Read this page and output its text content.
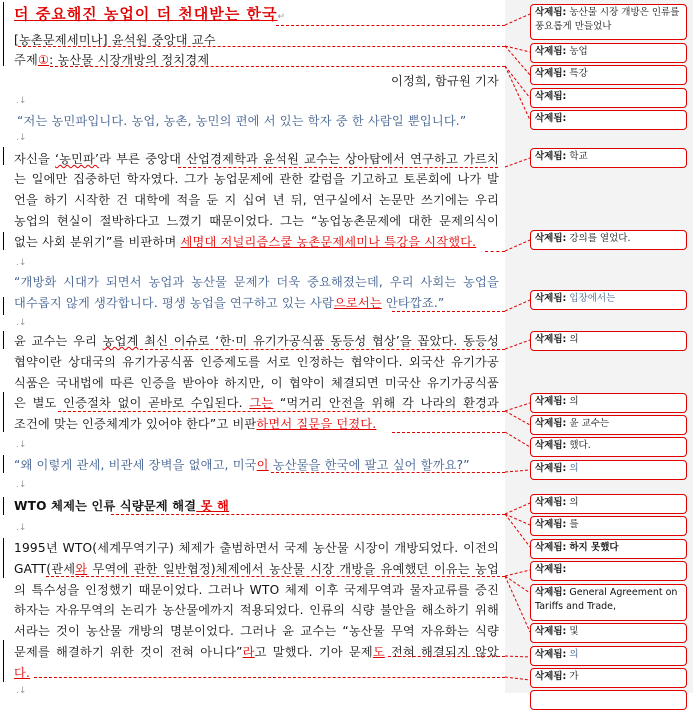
더 중요해진 농업이 더 천대받는 한국↵
[농촌문제세미나] 윤석원 중앙대 교수
주제①: 농산물 시장개방의 정치경제
이정희, 함규원 기자
.↓
“저는 농민파입니다. 농업, 농촌, 농민의 편에 서 있는 학자 중 한 사람일 뿐입니다.”
.↓
자신을 ‘농민파’라 부른 중앙대 산업경제학과 윤석원 교수는 상아탑에서 연구하고 가르치
는 일에만 집중하던 학자였다. 그가 농업문제에 관한 칼럼을 기고하고 토론회에 나가 발
언을 하기 시작한 건 대학에 적을 둔 지 십여 년 뒤, 연구실에서 논문만 쓰기에는 우리
농업의 현실이 절박하다고 느꼈기 때문이었다. 그는 “농업농촌문제에 대한 문제의식이
없는 사회 분위기”를 비판하며 세명대 저널리즘스쿨 농촌문제세미나 특강을 시작했다.
.↓
“개방화 시대가 되면서 농업과 농산물 문제가 더욱 중요해졌는데, 우리 사회는 농업을
대수롭지 않게 생각합니다. 평생 농업을 연구하고 있는 사람으로서는 안타깝죠.”
.↓
윤 교수는 우리 농업계 최신 이슈로 ‘한·미 유기가공식품 동등성 협상’을 꼽았다. 동등성
협약이란 상대국의 유기가공식품 인증제도를 서로 인정하는 협약이다. 외국산 유기가공
식품은 국내법에 따른 인증을 받아야 하지만, 이 협약이 체결되면 미국산 유기가공식품
은 별도 인증절차 없이 곧바로 수입된다. 그는 “먹거리 안전을 위해 각 나라의 환경과
조건에 맞는 인증체계가 있어야 한다”고 비판하면서 질문을 던졌다.
.↓
“왜 이렇게 관세, 비관세 장벽을 없애고, 미국이 농산물을 한국에 팔고 싶어 할까요?”
.↓
WTO 체제는 인류 식량문제 해결 못 해
.↓
1995년 WTO(세계무역기구) 체제가 출범하면서 국제 농산물 시장이 개방되었다. 이전의
GATT(관세와 무역에 관한 일반협정)체제에서 농산물 시장 개방을 유예했던 이유는 농업
의 특수성을 인정했기 때문이었다. 그러나 WTO 체제 이후 국제무역과 물자교류를 증진
하자는 자유무역의 논리가 농산물에까지 적용되었다. 인류의 식량 불안을 해소하기 위해
서라는 것이 농산물 개방의 명분이었다. 그러나 윤 교수는 “농산물 무역 자유화는 식량
문제를 해결하기 위한 것이 전혀 아니다”라고 말했다. 기아 문제도 전혀 해결되지 않았
다.
.↓
삭제됨: 농산물 시장 개방은 인류를 풍요롭게 만들었나
삭제됨: 농업
삭제됨: 특강
삭제됨:
삭제됨:
삭제됨: 학교
삭제됨: 강의를 열었다.
삭제됨: 입장에서는
삭제됨: 의
삭제됨: 의
삭제됨: 윤 교수는
삭제됨: 했다.
삭제됨: 의
삭제됨: 의
삭제됨: 를
삭제됨: 하지 못했다
삭제됨:
삭제됨: General Agreement on Tariffs and Trade,
삭제됨: 및
삭제됨: 의
삭제됨: 가
